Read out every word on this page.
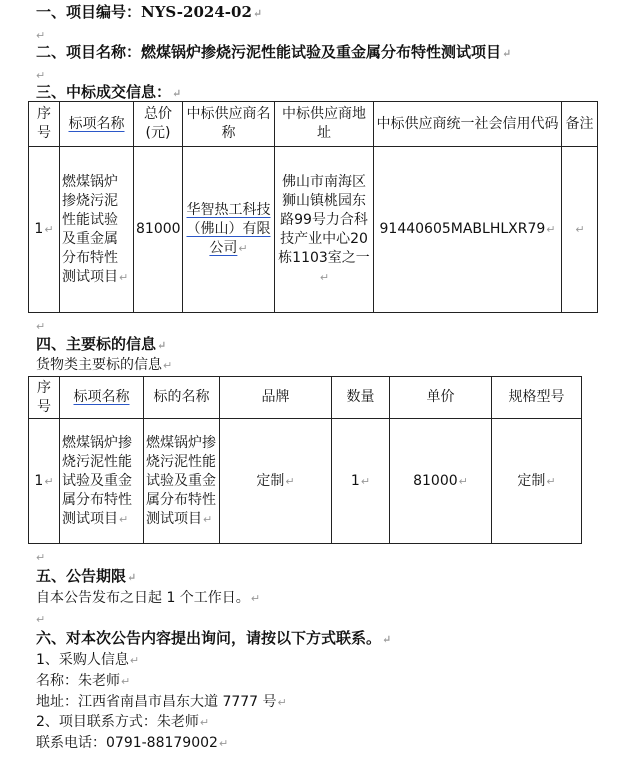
一、项目编号：NYS-2024-02↵
↵
二、项目名称：燃煤锅炉掺烧污泥性能试验及重金属分布特性测试项目↵
↵
三、中标成交信息：↵
序号	标项名称	总价(元)	中标供应商名称	中标供应商地址	中标供应商统一社会信用代码	备注

1↵	燃煤锅炉掺烧污泥性能试验及重金属分布特性测试项目↵	81000	华智热工科技（佛山）有限公司↵	佛山市南海区狮山镇桃园东路99号力合科技产业中心20栋1103室之一↵	91440605MABLHLXR79↵	↵
↵
四、主要标的信息↵
货物类主要标的信息↵
序号	标项名称	标的名称	品牌	数量	单价	规格型号

1↵	燃煤锅炉掺烧污泥性能试验及重金属分布特性测试项目↵	燃煤锅炉掺烧污泥性能试验及重金属分布特性测试项目↵	定制↵	1↵	81000↵	定制↵
↵
五、公告期限↵
自本公告发布之日起 1 个工作日。↵
↵
六、对本次公告内容提出询问，请按以下方式联系。↵
1、采购人信息↵
名称：朱老师↵
地址：江西省南昌市昌东大道 7777 号↵
2、项目联系方式：朱老师↵
联系电话：0791-88179002↵
